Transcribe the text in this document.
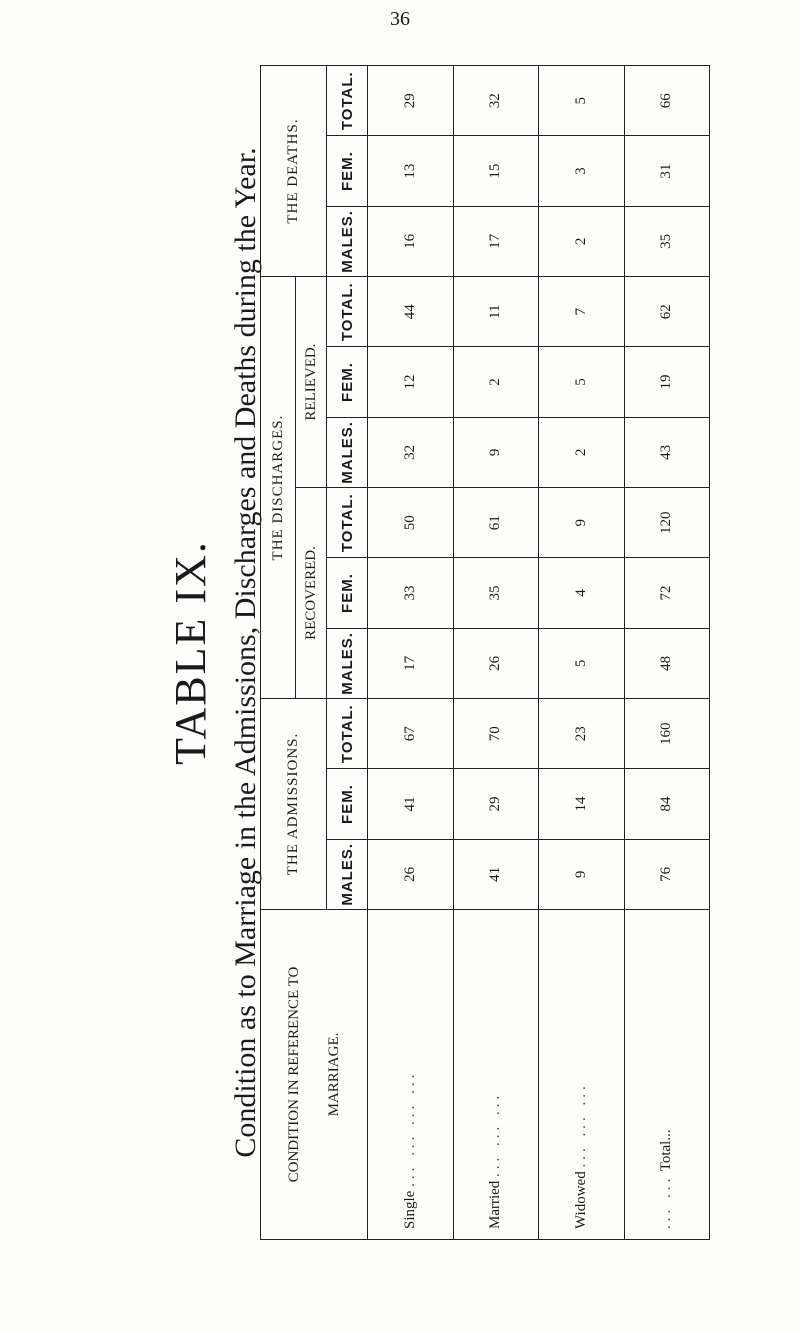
36
TABLE IX. Condition as to Marriage in the Admissions, Discharges and Deaths during the Year.	CONDITION IN REFERENCE TO MARRIAGE.	THE ADMISSIONS.			THE DISCHARGES.						THE DEATHS.		
				RECOVERED.			RELIEVED.					
	MALES.	FEM.	TOTAL.	MALES.	FEM.	TOTAL.	MALES.	FEM.	TOTAL.	MALES.	FEM.	TOTAL.
Single ... ... ... ...	26	41	67	17	33	50	32	12	44	16	13	29
Married ... ... ...	41	29	70	26	35	61	9	2	11	17	15	32
Widowed ... ... ...	9	14	23	5	4	9	2	5	7	2	3	5
... ... Total...	76	84	160	48	72	120	43	19	62	35	31	66
